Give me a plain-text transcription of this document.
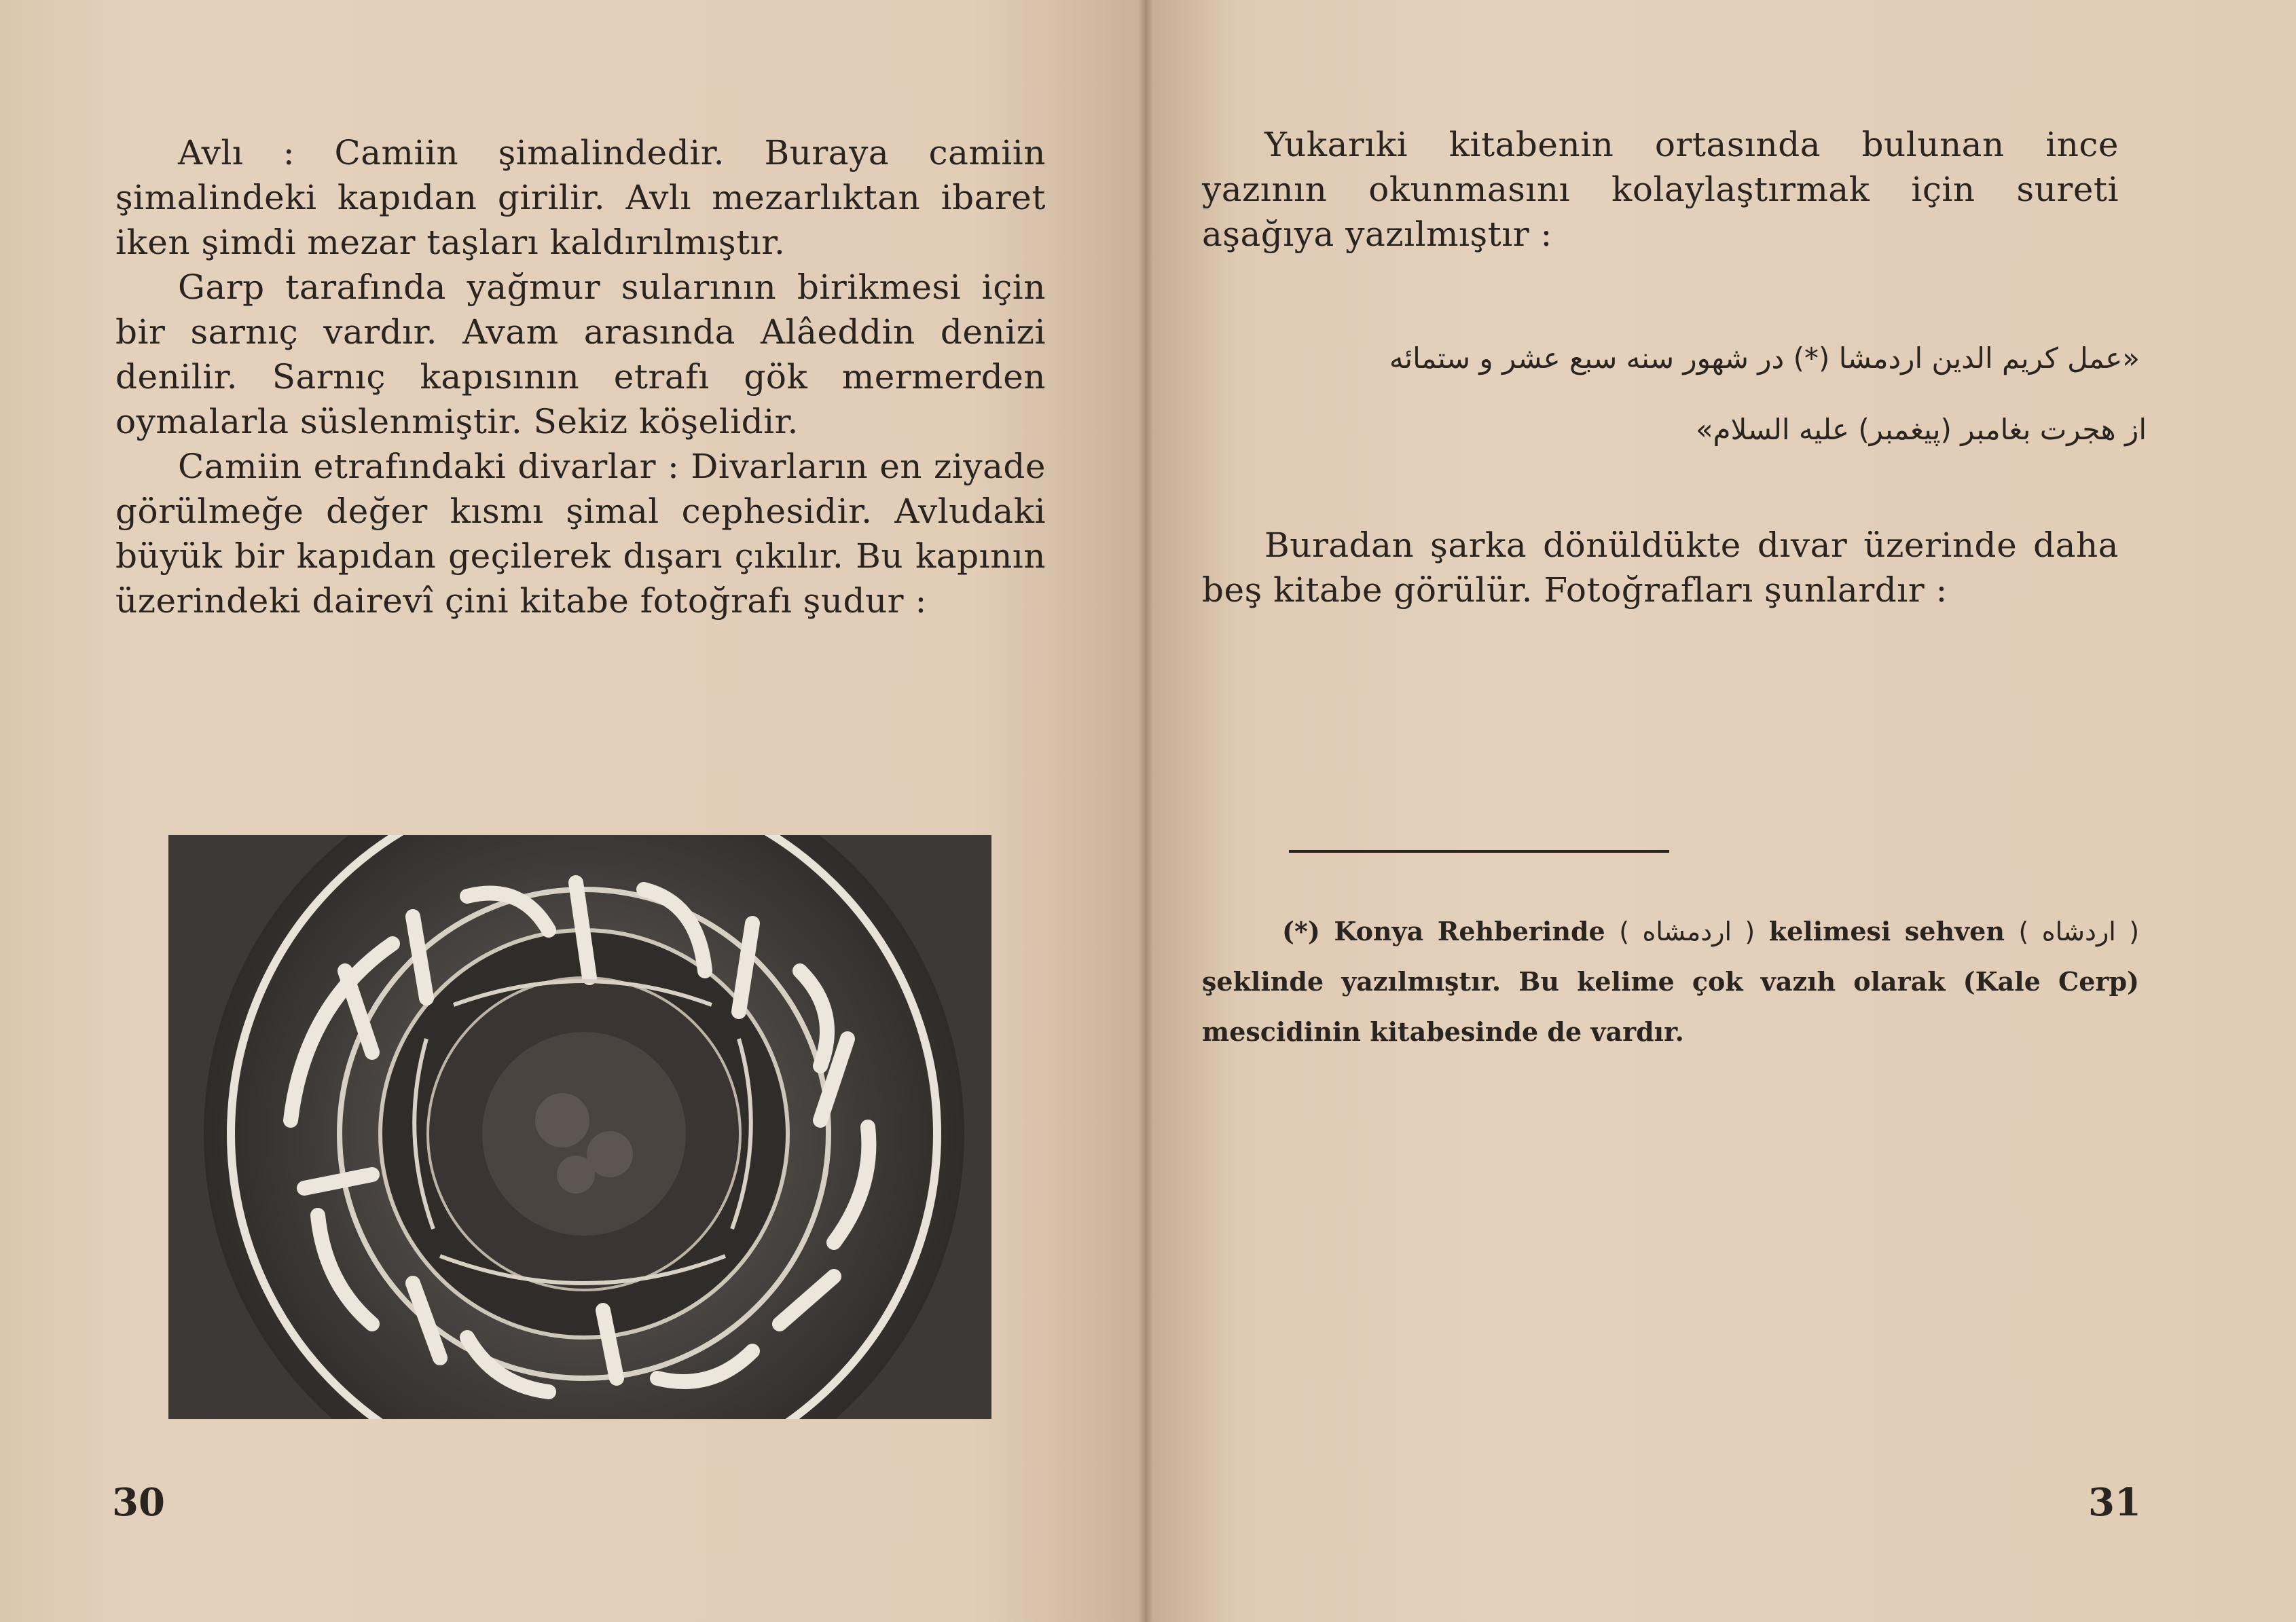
Avlı : Camiin şimalindedir. Buraya camiin şimalindeki kapıdan girilir. Avlı mezarlıktan ibaret iken şimdi mezar taşları kaldırılmıştır.

Garp tarafında yağmur sularının birikmesi için bir sarnıç vardır. Avam arasında Alâeddin denizi denilir. Sarnıç kapısının etrafı gök mermerden oymalarla süslenmiştir. Sekiz köşelidir.

Camiin etrafındaki divarlar : Divarların en ziyade görülmeğe değer kısmı şimal cephesidir. Avludaki büyük bir kapıdan geçilerek dışarı çıkılır. Bu kapının üzerindeki dairevî çini kitabe fotoğrafı şudur :

30

Yukarıki kitabenin ortasında bulunan ince yazının okunmasını kolaylaştırmak için sureti aşağıya yazılmıştır :

«عمل كريم الدين اردمشا (*) در شهور سنه سبع عشر و ستمائه
از هجرت بغامبر (پيغمبر) عليه السلام»

Buradan şarka dönüldükte dıvar üzerinde daha beş kitabe görülür. Fotoğrafları şunlardır :

(*) Konya Rehberinde ( اردمشاه ) kelimesi sehven ( اردشاه ) şeklinde yazılmıştır. Bu kelime çok vazıh olarak (Kale Cerp) mescidinin kitabesinde de vardır.
31
